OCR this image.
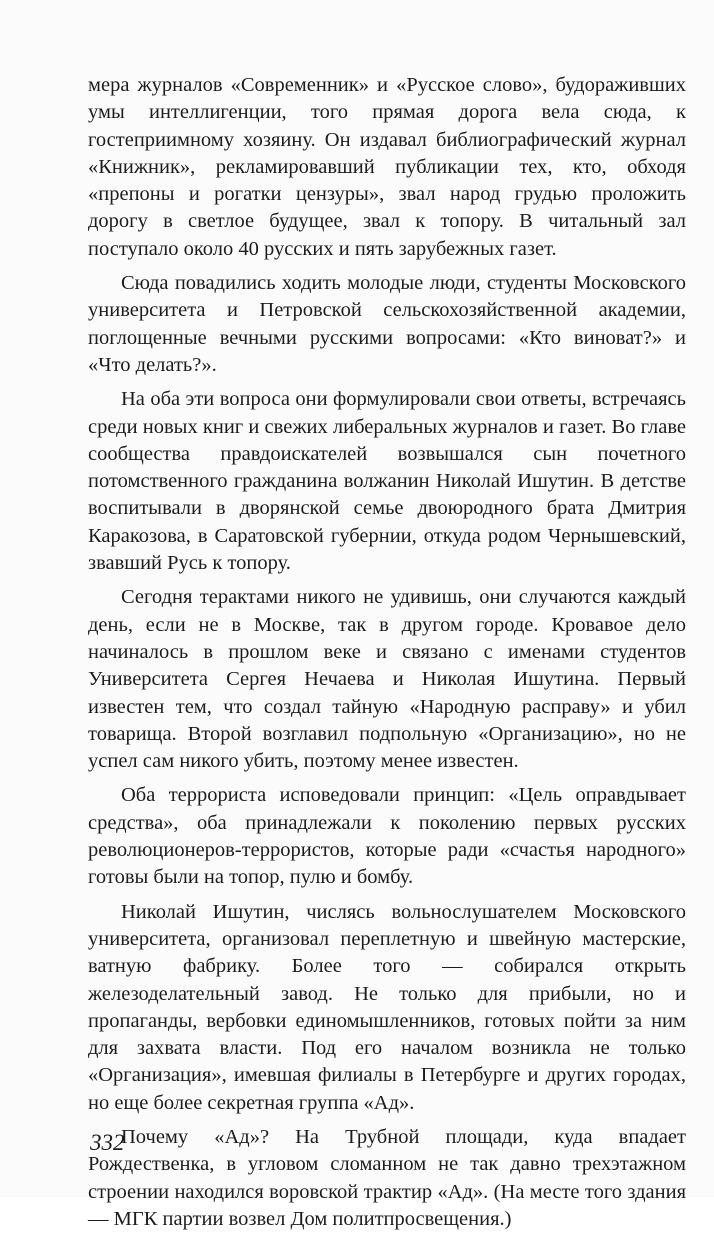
мера журналов «Современник» и «Русское слово», будораживших умы интеллигенции, того прямая дорога вела сюда, к гостеприимному хозяину. Он издавал библиографический журнал «Книжник», рекламировавший публикации тех, кто, обходя «препоны и рогатки цензуры», звал народ грудью проложить дорогу в светлое будущее, звал к топору. В читальный зал поступало около 40 русских и пять зарубежных газет.

Сюда повадились ходить молодые люди, студенты Московского университета и Петровской сельскохозяйственной академии, поглощенные вечными русскими вопросами: «Кто виноват?» и «Что делать?».

На оба эти вопроса они формулировали свои ответы, встречаясь среди новых книг и свежих либеральных журналов и газет. Во главе сообщества правдоискателей возвышался сын почетного потомственного гражданина волжанин Николай Ишутин. В детстве воспитывали в дворянской семье двоюродного брата Дмитрия Каракозова, в Саратовской губернии, откуда родом Чернышевский, звавший Русь к топору.

Сегодня терактами никого не удивишь, они случаются каждый день, если не в Москве, так в другом городе. Кровавое дело начиналось в прошлом веке и связано с именами студентов Университета Сергея Нечаева и Николая Ишутина. Первый известен тем, что создал тайную «Народную расправу» и убил товарища. Второй возглавил подпольную «Организацию», но не успел сам никого убить, поэтому менее известен.

Оба террориста исповедовали принцип: «Цель оправдывает средства», оба принадлежали к поколению первых русских революционеров-террористов, которые ради «счастья народного» готовы были на топор, пулю и бомбу.

Николай Ишутин, числясь вольнослушателем Московского университета, организовал переплетную и швейную мастерские, ватную фабрику. Более того — собирался открыть железоделательный завод. Не только для прибыли, но и пропаганды, вербовки единомышленников, готовых пойти за ним для захвата власти. Под его началом возникла не только «Организация», имевшая филиалы в Петербурге и других городах, но еще более секретная группа «Ад».

Почему «Ад»? На Трубной площади, куда впадает Рождественка, в угловом сломанном не так давно трехэтажном строении находился воровской трактир «Ад». (На месте того здания — МГК партии возвел Дом политпросвещения.)

332
